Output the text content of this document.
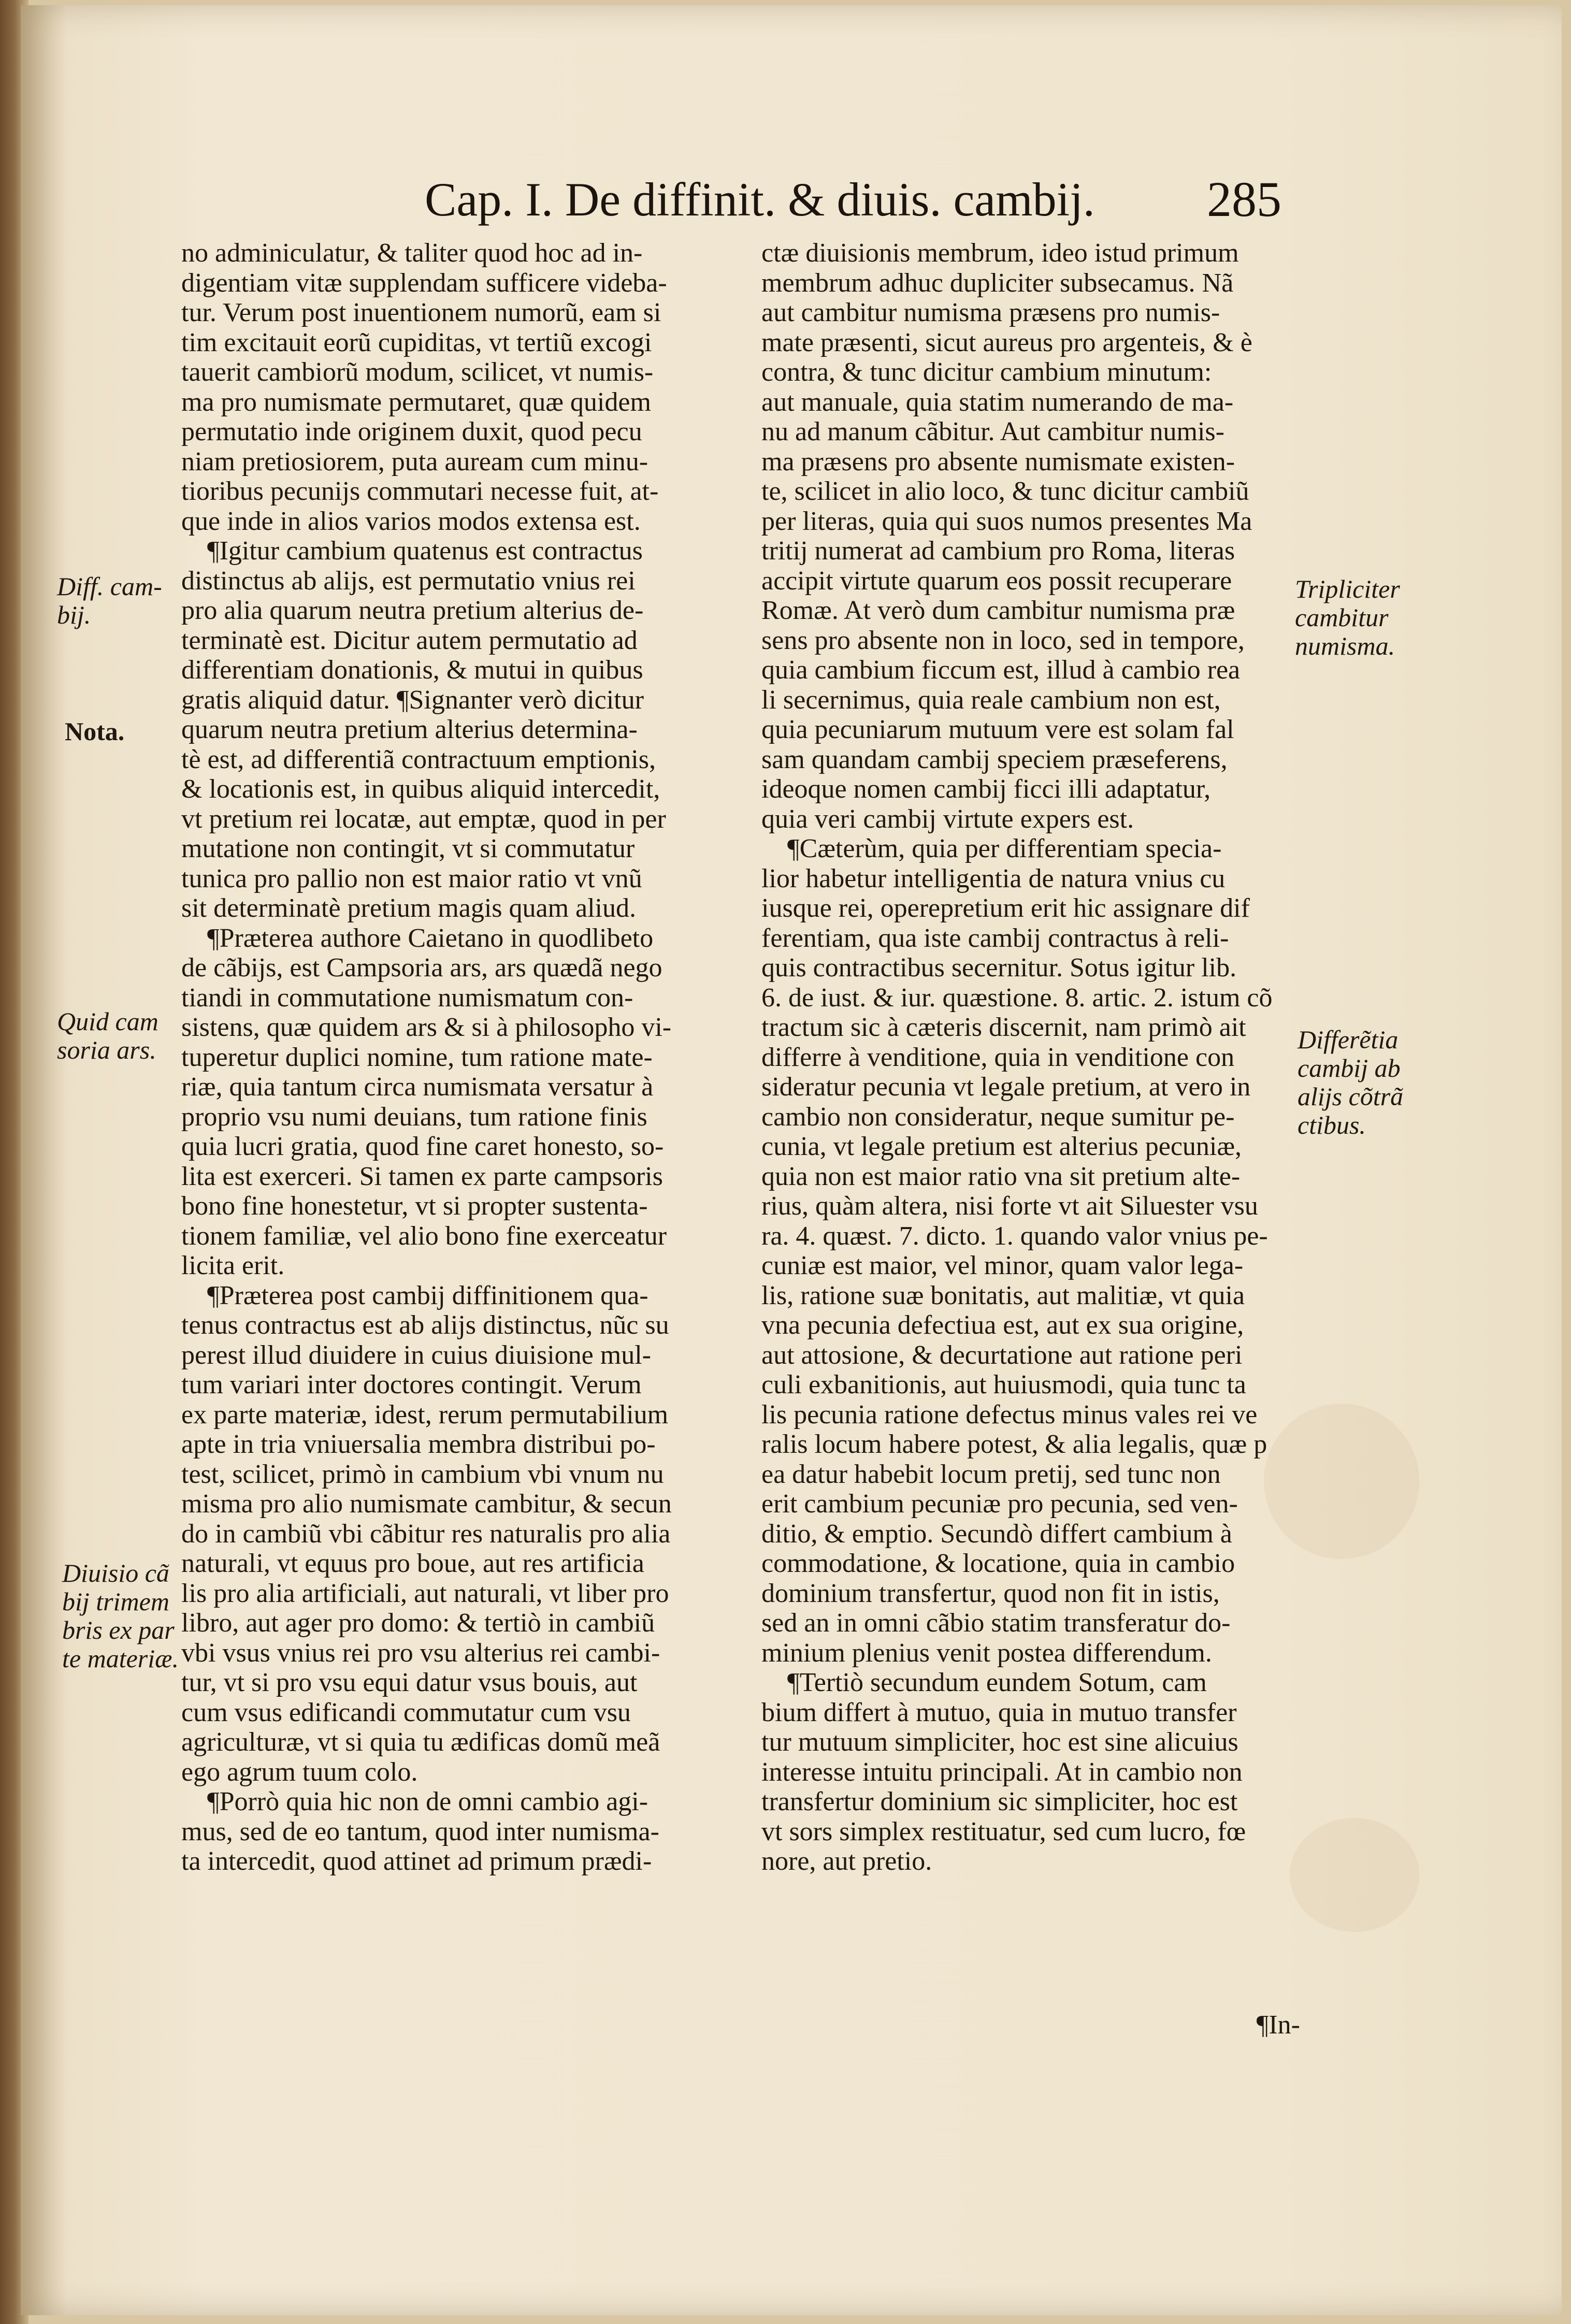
Cap. I. De diffinit. & diuis. cambij.	285

no adminiculatur, & taliter quod hoc ad in-

digentiam vitæ supplendam sufficere videba-

tur. Verum post inuentionem numorũ, eam si

tim excitauit eorũ cupiditas, vt tertiũ excogi

tauerit cambiorũ modum, scilicet, vt numis-

ma pro numismate permutaret, quæ quidem

permutatio inde originem duxit, quod pecu

niam pretiosiorem, puta auream cum minu-

tioribus pecunijs commutari necesse fuit, at-

que inde in alios varios modos extensa est.

¶Igitur cambium quatenus est contractus

distinctus ab alijs, est permutatio vnius rei

pro alia quarum neutra pretium alterius de-

terminatè est. Dicitur autem permutatio ad

differentiam donationis, & mutui in quibus

gratis aliquid datur. ¶Signanter verò dicitur

quarum neutra pretium alterius determina-

tè est, ad differentiã contractuum emptionis,

& locationis est, in quibus aliquid intercedit,

vt pretium rei locatæ, aut emptæ, quod in per

mutatione non contingit, vt si commutatur

tunica pro pallio non est maior ratio vt vnũ

sit determinatè pretium magis quam aliud.

¶Præterea authore Caietano in quodlibeto

de cãbijs, est Campsoria ars, ars quædã nego

tiandi in commutatione numismatum con-

sistens, quæ quidem ars & si à philosopho vi-

tuperetur duplici nomine, tum ratione mate-

riæ, quia tantum circa numismata versatur à

proprio vsu numi deuians, tum ratione finis

quia lucri gratia, quod fine caret honesto, so-

lita est exerceri. Si tamen ex parte campsoris

bono fine honestetur, vt si propter sustenta-

tionem familiæ, vel alio bono fine exerceatur

licita erit.

¶Præterea post cambij diffinitionem qua-

tenus contractus est ab alijs distinctus, nũc su

perest illud diuidere in cuius diuisione mul-

tum variari inter doctores contingit. Verum

ex parte materiæ, idest, rerum permutabilium

apte in tria vniuersalia membra distribui po-

test, scilicet, primò in cambium vbi vnum nu

misma pro alio numismate cambitur, & secun

do in cambiũ vbi cãbitur res naturalis pro alia

naturali, vt equus pro boue, aut res artificia

lis pro alia artificiali, aut naturali, vt liber pro

libro, aut ager pro domo: & tertiò in cambiũ

vbi vsus vnius rei pro vsu alterius rei cambi-

tur, vt si pro vsu equi datur vsus bouis, aut

cum vsus edificandi commutatur cum vsu

agriculturæ, vt si quia tu ædificas domũ meã

ego agrum tuum colo.

¶Porrò quia hic non de omni cambio agi-

mus, sed de eo tantum, quod inter numisma-

ta intercedit, quod attinet ad primum prædi-

ctæ diuisionis membrum, ideo istud primum

membrum adhuc dupliciter subsecamus. Nã

aut cambitur numisma præsens pro numis-

mate præsenti, sicut aureus pro argenteis, & è

contra, & tunc dicitur cambium minutum:

aut manuale, quia statim numerando de ma-

nu ad manum cãbitur. Aut cambitur numis-

ma præsens pro absente numismate existen-

te, scilicet in alio loco, & tunc dicitur cambiũ

per literas, quia qui suos numos presentes Ma

tritij numerat ad cambium pro Roma, literas

accipit virtute quarum eos possit recuperare

Romæ. At verò dum cambitur numisma præ

sens pro absente non in loco, sed in tempore,

quia cambium ficcum est, illud à cambio rea

li secernimus, quia reale cambium non est,

quia pecuniarum mutuum vere est solam fal

sam quandam cambij speciem præseferens,

ideoque nomen cambij ficci illi adaptatur,

quia veri cambij virtute expers est.

¶Cæterùm, quia per differentiam specia-

lior habetur intelligentia de natura vnius cu

iusque rei, operepretium erit hic assignare dif

ferentiam, qua iste cambij contractus à reli-

quis contractibus secernitur. Sotus igitur lib.

6. de iust. & iur. quæstione. 8. artic. 2. istum cõ

tractum sic à cæteris discernit, nam primò ait

differre à venditione, quia in venditione con

sideratur pecunia vt legale pretium, at vero in

cambio non consideratur, neque sumitur pe-

cunia, vt legale pretium est alterius pecuniæ,

quia non est maior ratio vna sit pretium alte-

rius, quàm altera, nisi forte vt ait Siluester vsu

ra. 4. quæst. 7. dicto. 1. quando valor vnius pe-

cuniæ est maior, vel minor, quam valor lega-

lis, ratione suæ bonitatis, aut malitiæ, vt quia

vna pecunia defectiua est, aut ex sua origine,

aut attosione, & decurtatione aut ratione peri

culi exbanitionis, aut huiusmodi, quia tunc ta

lis pecunia ratione defectus minus vales rei ve

ralis locum habere potest, & alia legalis, quæ p

ea datur habebit locum pretij, sed tunc non

erit cambium pecuniæ pro pecunia, sed ven-

ditio, & emptio. Secundò differt cambium à

commodatione, & locatione, quia in cambio

dominium transfertur, quod non fit in istis,

sed an in omni cãbio statim transferatur do-

minium plenius venit postea differendum.

¶Tertiò secundum eundem Sotum, cam

bium differt à mutuo, quia in mutuo transfer

tur mutuum simpliciter, hoc est sine alicuius

interesse intuitu principali. At in cambio non

transfertur dominium sic simpliciter, hoc est

vt sors simplex restituatur, sed cum lucro, fœ

nore, aut pretio.

Diff. cam-
bij.
Nota.
Quid cam
soria ars.
Diuisio cã
bij trimem
bris ex par
te materiæ.
Tripliciter
cambitur
numisma.
Differẽtia
cambij ab
alijs cõtrã
ctibus.
¶In-
